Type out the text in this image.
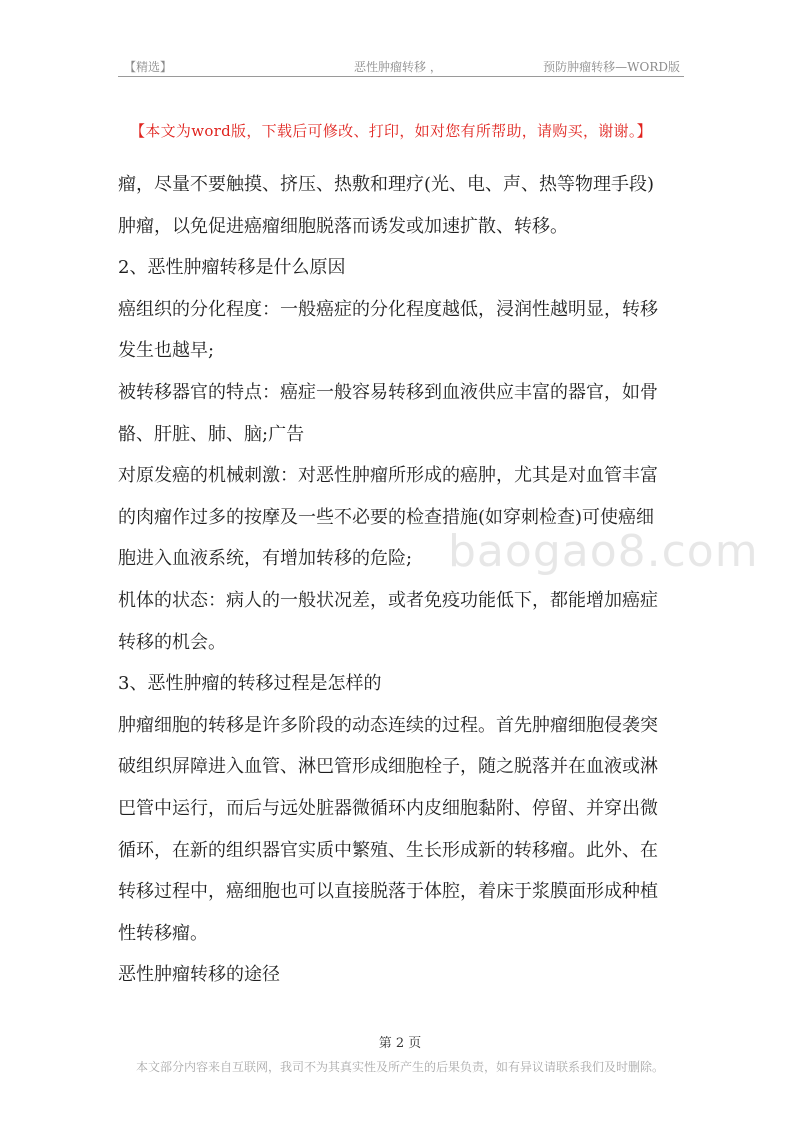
【精选】	恶性肿瘤转移 ，	预防肿瘤转移—WORD版
【本文为word版，下载后可修改、打印，如对您有所帮助，请购买，谢谢。】
baogao8.com
瘤，尽量不要触摸、挤压、热敷和理疗(光、电、声、热等物理手段)
肿瘤，以免促进癌瘤细胞脱落而诱发或加速扩散、转移。
2、恶性肿瘤转移是什么原因
癌组织的分化程度：一般癌症的分化程度越低，浸润性越明显，转移
发生也越早;
被转移器官的特点：癌症一般容易转移到血液供应丰富的器官，如骨
骼、肝脏、肺、脑;广告
对原发癌的机械刺激：对恶性肿瘤所形成的癌肿，尤其是对血管丰富
的肉瘤作过多的按摩及一些不必要的检查措施(如穿刺检查)可使癌细
胞进入血液系统，有增加转移的危险;
机体的状态：病人的一般状况差，或者免疫功能低下，都能增加癌症
转移的机会。
3、恶性肿瘤的转移过程是怎样的
肿瘤细胞的转移是许多阶段的动态连续的过程。首先肿瘤细胞侵袭突
破组织屏障进入血管、淋巴管形成细胞栓子，随之脱落并在血液或淋
巴管中运行，而后与远处脏器微循环内皮细胞黏附、停留、并穿出微
循环，在新的组织器官实质中繁殖、生长形成新的转移瘤。此外、在
转移过程中，癌细胞也可以直接脱落于体腔，着床于浆膜面形成种植
性转移瘤。
恶性肿瘤转移的途径
第 2 页
本文部分内容来自互联网，我司不为其真实性及所产生的后果负责，如有异议请联系我们及时删除。
